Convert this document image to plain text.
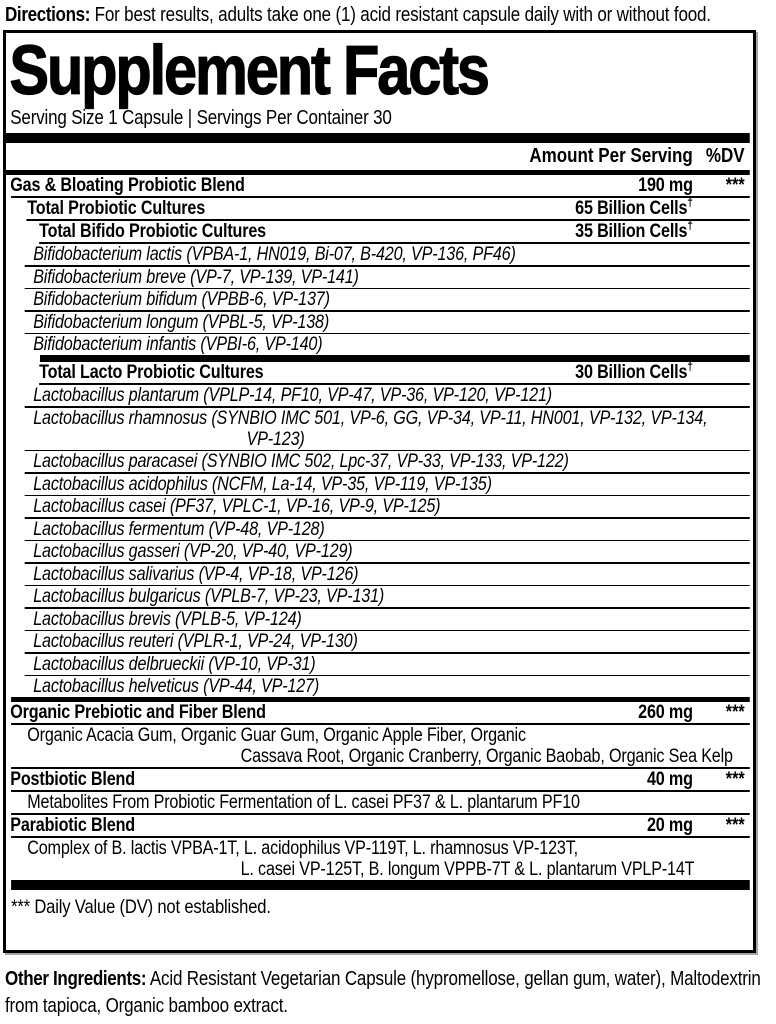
Directions: For best results, adults take one (1) acid resistant capsule daily with or without food.
Supplement Facts
Serving Size 1 Capsule | Servings Per Container 30
Amount Per Serving %DV
Gas & Bloating Probiotic Blend	190 mg ***
Total Probiotic Cultures	65 Billion Cells†
Total Bifido Probiotic Cultures	35 Billion Cells†
Bifidobacterium lactis (VPBA-1, HN019, Bi-07, B-420, VP-136, PF46)
Bifidobacterium breve (VP-7, VP-139, VP-141)
Bifidobacterium bifidum (VPBB-6, VP-137)
Bifidobacterium longum (VPBL-5, VP-138)
Bifidobacterium infantis (VPBI-6, VP-140)
Total Lacto Probiotic Cultures	30 Billion Cells†
Lactobacillus plantarum (VPLP-14, PF10, VP-47, VP-36, VP-120, VP-121)
Lactobacillus rhamnosus (SYNBIO IMC 501, VP-6, GG, VP-34, VP-11, HN001, VP-132, VP-134,
VP-123)
Lactobacillus paracasei (SYNBIO IMC 502, Lpc-37, VP-33, VP-133, VP-122)
Lactobacillus acidophilus (NCFM, La-14, VP-35, VP-119, VP-135)
Lactobacillus casei (PF37, VPLC-1, VP-16, VP-9, VP-125)
Lactobacillus fermentum (VP-48, VP-128)
Lactobacillus gasseri (VP-20, VP-40, VP-129)
Lactobacillus salivarius (VP-4, VP-18, VP-126)
Lactobacillus bulgaricus (VPLB-7, VP-23, VP-131)
Lactobacillus brevis (VPLB-5, VP-124)
Lactobacillus reuteri (VPLR-1, VP-24, VP-130)
Lactobacillus delbrueckii (VP-10, VP-31)
Lactobacillus helveticus (VP-44, VP-127)
Organic Prebiotic and Fiber Blend	260 mg ***
Organic Acacia Gum, Organic Guar Gum, Organic Apple Fiber, Organic
Cassava Root, Organic Cranberry, Organic Baobab, Organic Sea Kelp
Postbiotic Blend	40 mg ***
Metabolites From Probiotic Fermentation of L. casei PF37 & L. plantarum PF10
Parabiotic Blend	20 mg ***
Complex of B. lactis VPBA-1T, L. acidophilus VP-119T, L. rhamnosus VP-123T,
L. casei VP-125T, B. longum VPPB-7T & L. plantarum VPLP-14T
*** Daily Value (DV) not established.
Other Ingredients: Acid Resistant Vegetarian Capsule (hypromellose, gellan gum, water), Maltodextrin
from tapioca, Organic bamboo extract.
